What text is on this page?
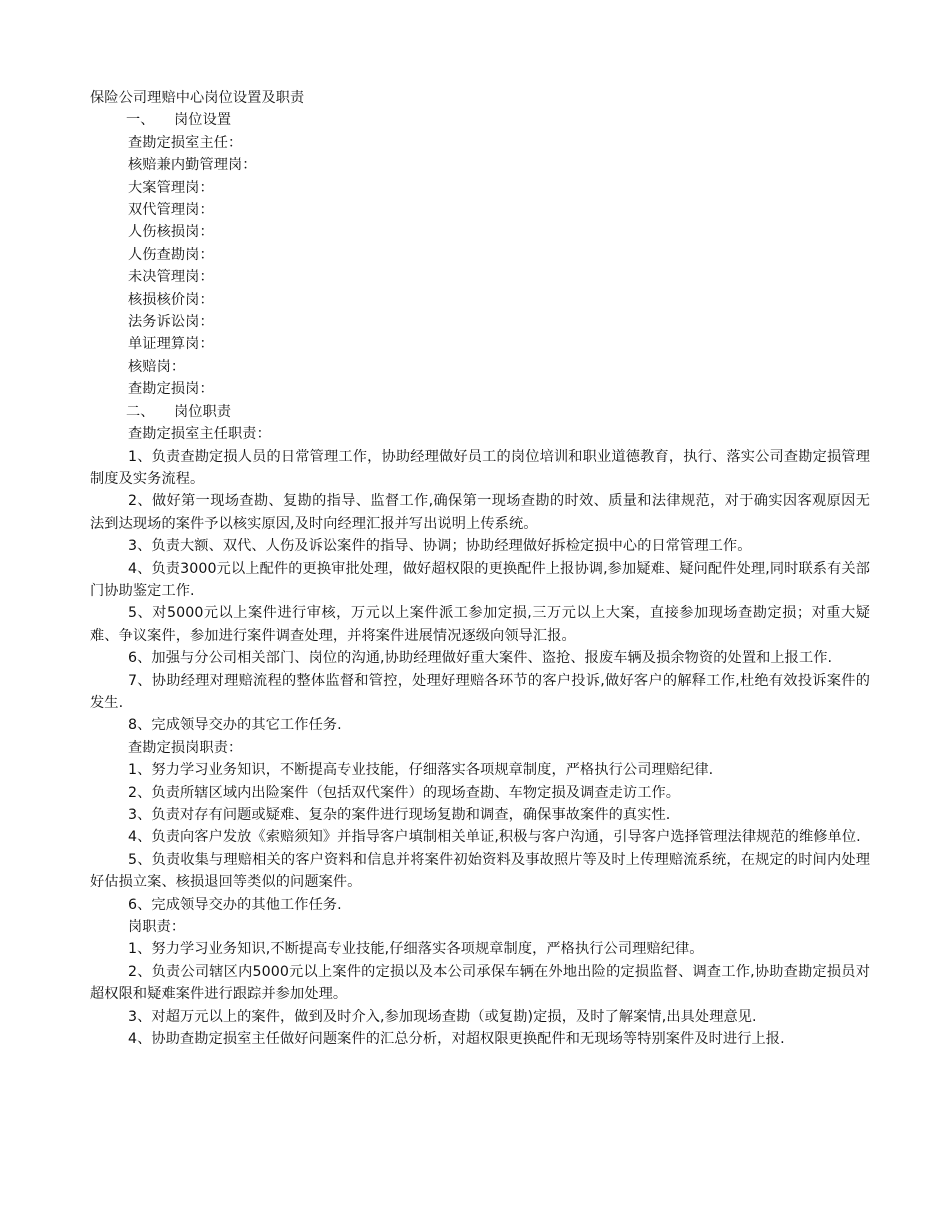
保险公司理赔中心岗位设置及职责

一、 岗位设置

查勘定损室主任：

核赔兼内勤管理岗：

大案管理岗：

双代管理岗：

人伤核损岗：

人伤查勘岗：

未决管理岗：

核损核价岗：

法务诉讼岗：

单证理算岗：

核赔岗：

查勘定损岗：

二、 岗位职责

查勘定损室主任职责：

1、负责查勘定损人员的日常管理工作，协助经理做好员工的岗位培训和职业道德教育，执行、落实公司查勘定损管理制度及实务流程。

2、做好第一现场查勘、复勘的指导、监督工作,确保第一现场查勘的时效、质量和法律规范，对于确实因客观原因无法到达现场的案件予以核实原因,及时向经理汇报并写出说明上传系统。

3、负责大额、双代、人伤及诉讼案件的指导、协调；协助经理做好拆检定损中心的日常管理工作。

4、负责3000元以上配件的更换审批处理，做好超权限的更换配件上报协调,参加疑难、疑问配件处理,同时联系有关部门协助鉴定工作.

5、对5000元以上案件进行审核，万元以上案件派工参加定损,三万元以上大案，直接参加现场查勘定损；对重大疑难、争议案件，参加进行案件调查处理，并将案件进展情况逐级向领导汇报。

6、加强与分公司相关部门、岗位的沟通,协助经理做好重大案件、盗抢、报废车辆及损余物资的处置和上报工作.

7、协助经理对理赔流程的整体监督和管控，处理好理赔各环节的客户投诉,做好客户的解释工作,杜绝有效投诉案件的发生.

8、完成领导交办的其它工作任务.

查勘定损岗职责：

1、努力学习业务知识，不断提高专业技能，仔细落实各项规章制度，严格执行公司理赔纪律.

2、负责所辖区域内出险案件（包括双代案件）的现场查勘、车物定损及调查走访工作。

3、负责对存有问题或疑难、复杂的案件进行现场复勘和调查，确保事故案件的真实性.

4、负责向客户发放《索赔须知》并指导客户填制相关单证,积极与客户沟通，引导客户选择管理法律规范的维修单位.

5、负责收集与理赔相关的客户资料和信息并将案件初始资料及事故照片等及时上传理赔流系统，在规定的时间内处理好估损立案、核损退回等类似的问题案件。

6、完成领导交办的其他工作任务.

岗职责：

1、努力学习业务知识,不断提高专业技能,仔细落实各项规章制度，严格执行公司理赔纪律。

2、负责公司辖区内5000元以上案件的定损以及本公司承保车辆在外地出险的定损监督、调查工作,协助查勘定损员对超权限和疑难案件进行跟踪并参加处理。

3、对超万元以上的案件，做到及时介入,参加现场查勘（或复勘)定损，及时了解案情,出具处理意见.

4、协助查勘定损室主任做好问题案件的汇总分析，对超权限更换配件和无现场等特别案件及时进行上报.
